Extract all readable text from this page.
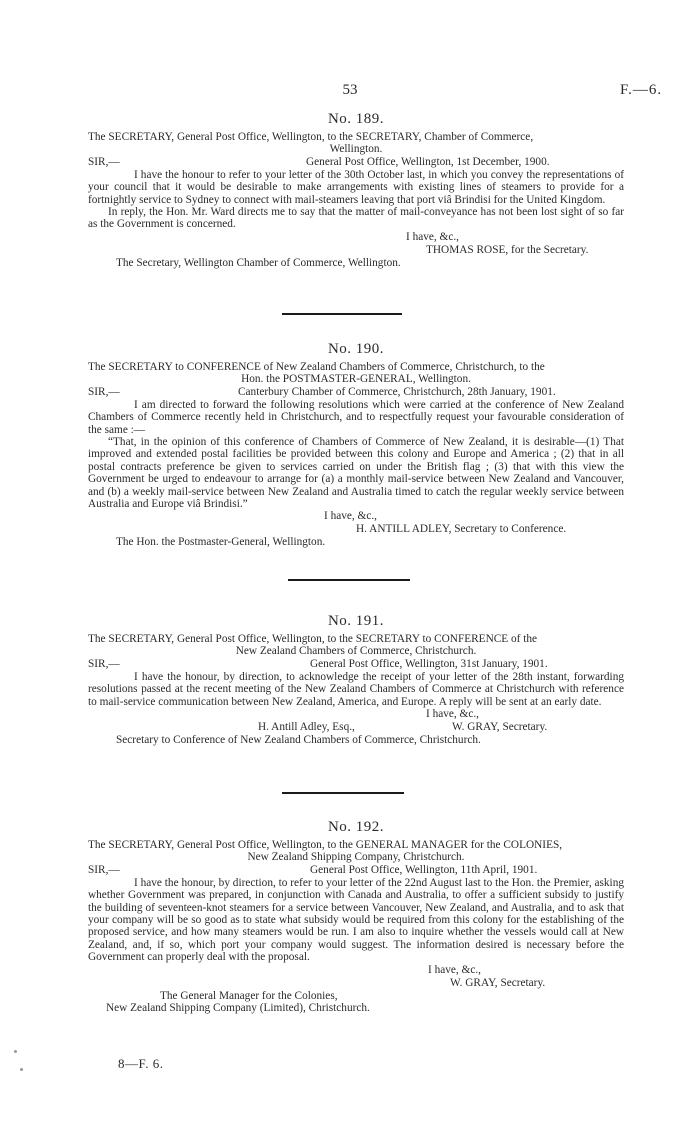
53	F.—6.
No. 189.
The SECRETARY, General Post Office, Wellington, to the SECRETARY, Chamber of Commerce,
Wellington.
SIR,—	General Post Office, Wellington, 1st December, 1900.

I have the honour to refer to your letter of the 30th October last, in which you convey the representations of your council that it would be desirable to make arrangements with existing lines of steamers to provide for a fortnightly service to Sydney to connect with mail-steamers leaving that port viâ Brindisi for the United Kingdom.

In reply, the Hon. Mr. Ward directs me to say that the matter of mail-conveyance has not been lost sight of so far as the Government is concerned.

I have, &c.,
THOMAS ROSE, for the Secretary.
The Secretary, Wellington Chamber of Commerce, Wellington.
No. 190.
The SECRETARY to CONFERENCE of New Zealand Chambers of Commerce, Christchurch, to the
Hon. the POSTMASTER-GENERAL, Wellington.
SIR,—	Canterbury Chamber of Commerce, Christchurch, 28th January, 1901.

I am directed to forward the following resolutions which were carried at the conference of New Zealand Chambers of Commerce recently held in Christchurch, and to respectfully request your favourable consideration of the same :—

“That, in the opinion of this conference of Chambers of Commerce of New Zealand, it is desirable—(1) That improved and extended postal facilities be provided between this colony and Europe and America ; (2) that in all postal contracts preference be given to services carried on under the British flag ; (3) that with this view the Government be urged to endeavour to arrange for (a) a monthly mail-service between New Zealand and Vancouver, and (b) a weekly mail-service between New Zealand and Australia timed to catch the regular weekly service between Australia and Europe viâ Brindisi.”

I have, &c.,
H. ANTILL ADLEY, Secretary to Conference.
The Hon. the Postmaster-General, Wellington.
No. 191.
The SECRETARY, General Post Office, Wellington, to the SECRETARY to CONFERENCE of the
New Zealand Chambers of Commerce, Christchurch.
SIR,—	General Post Office, Wellington, 31st January, 1901.

I have the honour, by direction, to acknowledge the receipt of your letter of the 28th instant, forwarding resolutions passed at the recent meeting of the New Zealand Chambers of Commerce at Christchurch with reference to mail-service communication between New Zealand, America, and Europe. A reply will be sent at an early date.

I have, &c.,
H. Antill Adley, Esq.,	W. GRAY, Secretary.
Secretary to Conference of New Zealand Chambers of Commerce, Christchurch.
No. 192.
The SECRETARY, General Post Office, Wellington, to the GENERAL MANAGER for the COLONIES,
New Zealand Shipping Company, Christchurch.
SIR,—	General Post Office, Wellington, 11th April, 1901.

I have the honour, by direction, to refer to your letter of the 22nd August last to the Hon. the Premier, asking whether Government was prepared, in conjunction with Canada and Australia, to offer a sufficient subsidy to justify the building of seventeen-knot steamers for a service between Vancouver, New Zealand, and Australia, and to ask that your company will be so good as to state what subsidy would be required from this colony for the establishing of the proposed service, and how many steamers would be run. I am also to inquire whether the vessels would call at New Zealand, and, if so, which port your company would suggest. The information desired is necessary before the Government can properly deal with the proposal.

I have, &c.,
W. GRAY, Secretary.
The General Manager for the Colonies,
New Zealand Shipping Company (Limited), Christchurch.
8—F. 6.
